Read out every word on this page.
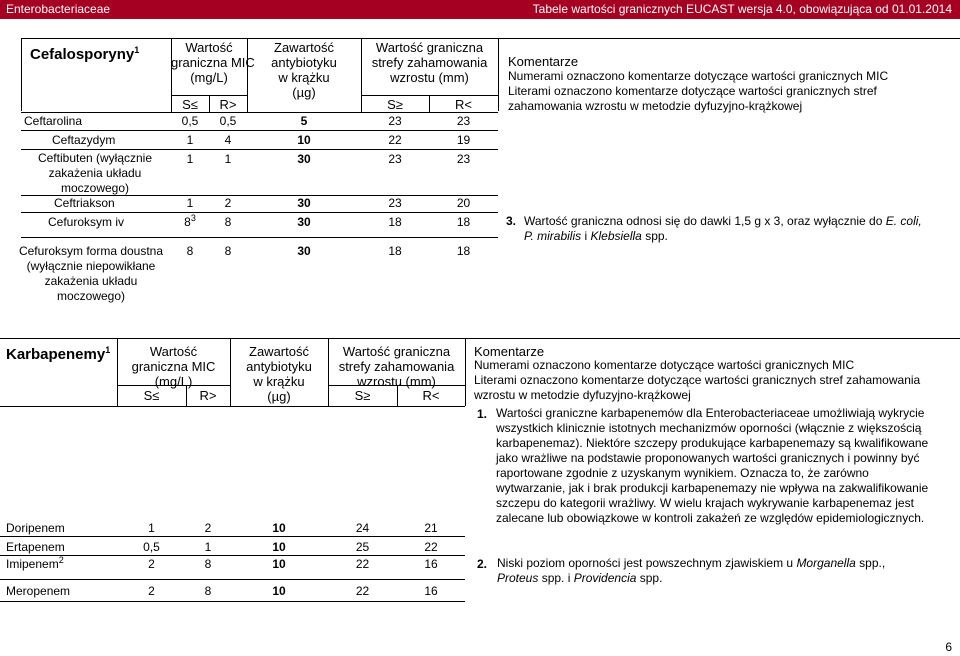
Enterobacteriaceae	Tabele wartości granicznych EUCAST wersja 4.0, obowiązująca od 01.01.2014
Cefalosporyny$^1$	Wartość
graniczna MIC
(mg/L)
S≤	R>
Zawartość
antybiotyku
w krążku
(µg)
Wartość graniczna
strefy zahamowania
wzrostu (mm)
S≥	R<
Komentarze
Numerami oznaczono komentarze dotyczące wartości granicznych MIC
Literami oznaczono komentarze dotyczące wartości granicznych stref
zahamowania wzrostu w metodzie dyfuzyjno-krążkowej
Ceftarolina	0,5	0,5	5	23	23
Ceftazydym	1	4	10	22	19
Ceftibuten (wyłącznie
zakażenia układu
moczowego)
1	1	30	23	23
Ceftriakson	1	2	30	23	20
Cefuroksym iv	$8^3$	8	30	18	18
Cefuroksym forma doustna
(wyłącznie niepowikłane
zakażenia układu
moczowego)
8	8	30	18	18
3. Wartość graniczna odnosi się do dawki 1,5 g x 3, oraz wyłącznie do E. coli,
P. mirabilis i Klebsiella spp.
Karbapenemy$^1$	Wartość
graniczna MIC
(mg/L)
S≤	R>
Zawartość
antybiotyku
w krążku
(µg)
Wartość graniczna
strefy zahamowania
wzrostu (mm)
S≥	R<
Komentarze
Numerami oznaczono komentarze dotyczące wartości granicznych MIC
Literami oznaczono komentarze dotyczące wartości granicznych stref zahamowania
wzrostu w metodzie dyfuzyjno-krążkowej
1. Wartości graniczne karbapenemów dla Enterobacteriaceae umożliwiają wykrycie
wszystkich klinicznie istotnych mechanizmów oporności (włącznie z większością
karbapenemaz). Niektóre szczepy produkujące karbapenemazy są kwalifikowane
jako wrażliwe na podstawie proponowanych wartości granicznych i powinny być
raportowane zgodnie z uzyskanym wynikiem. Oznacza to, że zarówno
wytwarzanie, jak i brak produkcji karbapenemazy nie wpływa na zakwalifikowanie
szczepu do kategorii wrażliwy. W wielu krajach wykrywanie karbapenemaz jest
zalecane lub obowiązkowe w kontroli zakażeń ze względów epidemiologicznych.
2. Niski poziom oporności jest powszechnym zjawiskiem u Morganella spp.,
Proteus spp. i Providencia spp.
Doripenem	1	2	10	24	21
Ertapenem	0,5	1	10	25	22
Imipenem$^2$	2	8	10	22	16
Meropenem	2	8	10	22	16
6
